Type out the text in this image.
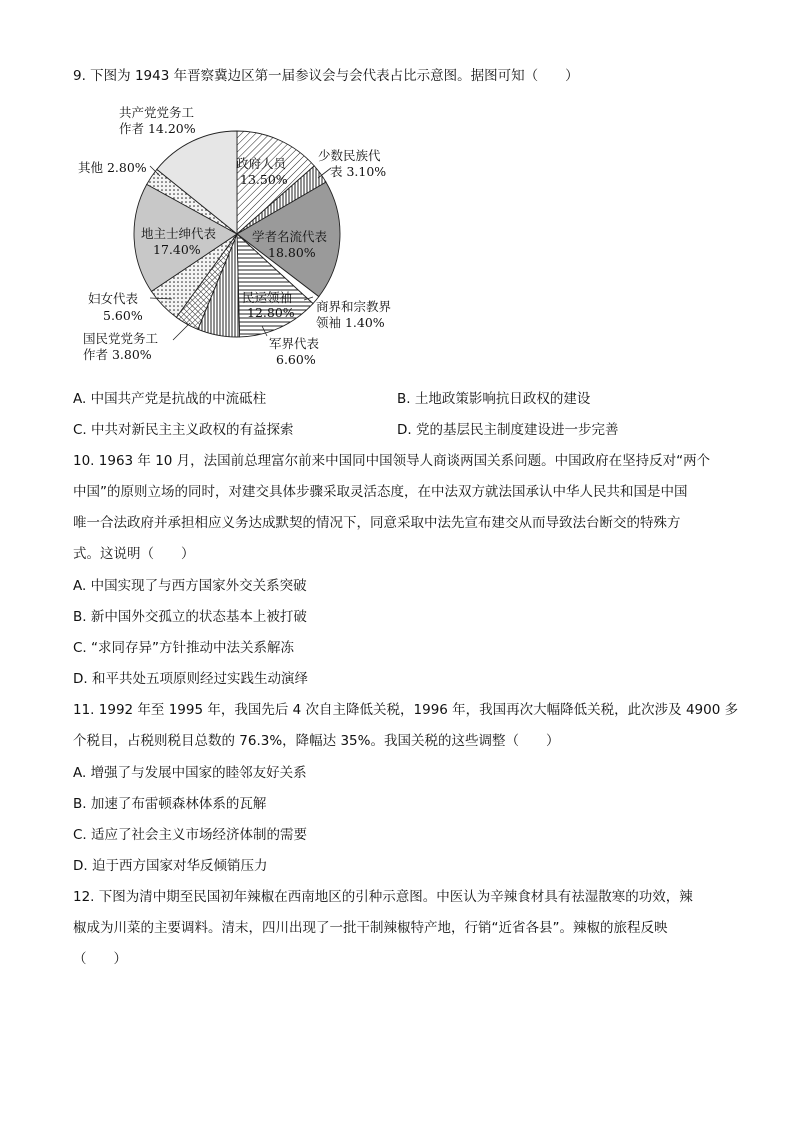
9. 下图为 1943 年晋察冀边区第一届参议会与会代表占比示意图。据图可知（　　）
政府人员
13.50%
少数民族代
表 3.10%
学者名流代表
18.80%
商界和宗教界
领袖 1.40%
民运领袖
12.80%
军界代表
6.60%
国民党党务工
作者 3.80%
妇女代表
5.60%
地主士绅代表
17.40%
其他 2.80%
共产党党务工
作者 14.20%
A. 中国共产党是抗战的中流砥柱	B. 土地政策影响抗日政权的建设
C. 中共对新民主主义政权的有益探索	D. 党的基层民主制度建设进一步完善
10. 1963 年 10 月，法国前总理富尔前来中国同中国领导人商谈两国关系问题。中国政府在坚持反对“两个
中国”的原则立场的同时，对建交具体步骤采取灵活态度，在中法双方就法国承认中华人民共和国是中国
唯一合法政府并承担相应义务达成默契的情况下，同意采取中法先宣布建交从而导致法台断交的特殊方
式。这说明（　　）
A. 中国实现了与西方国家外交关系突破
B. 新中国外交孤立的状态基本上被打破
C. “求同存异”方针推动中法关系解冻
D. 和平共处五项原则经过实践生动演绎
11. 1992 年至 1995 年，我国先后 4 次自主降低关税，1996 年，我国再次大幅降低关税，此次涉及 4900 多
个税目，占税则税目总数的 76.3%，降幅达 35%。我国关税的这些调整（　　）
A. 增强了与发展中国家的睦邻友好关系
B. 加速了布雷顿森林体系的瓦解
C. 适应了社会主义市场经济体制的需要
D. 迫于西方国家对华反倾销压力
12. 下图为清中期至民国初年辣椒在西南地区的引种示意图。中医认为辛辣食材具有祛湿散寒的功效，辣
椒成为川菜的主要调料。清末，四川出现了一批干制辣椒特产地，行销“近省各县”。辣椒的旅程反映
（　　）
